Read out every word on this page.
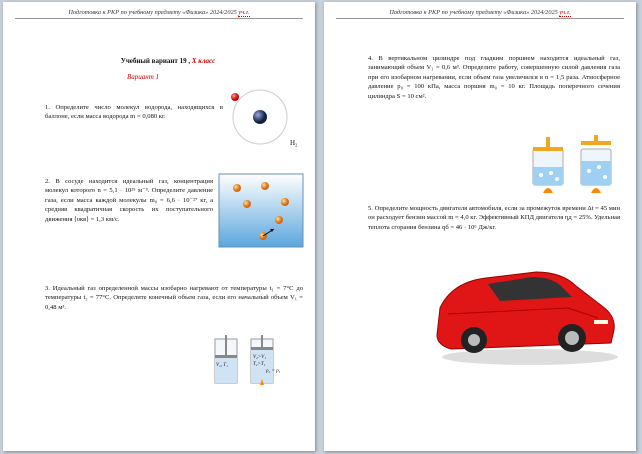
Подготовка к РКР по учебному предмету «Физика» 2024/2025 уч.г.
Учебный вариант 19 , X класс
Вариант 1
1. Определите число молекул водорода, находящихся в баллоне, если масса водорода m = 0,080 кг.
H₂
2. В сосуде находится идеальный газ, концентрация молекул которого n = 5,1 · 10²⁵ м⁻³. Определите давление газа, если масса каждой молекулы m₀ = 6,6 · 10⁻²⁷ кг, а средняя квадратичная скорость их поступательного движения ⟨υкв⟩ = 1,3 км/с.
3. Идеальный газ определенной массы изобарно нагревают от температуры t₁ = 7°С до температуры t₂ = 77°С. Определите конечный объем газа, если его начальный объем V₁ = 0,48 м³.
V₁, T₁
V₂>V₁
T₂>T₁
p₂ = p₁
Подготовка к РКР по учебному предмету «Физика» 2024/2025 уч.г.
4. В вертикальном цилиндре под гладким поршнем находится идеальный газ, занимающий объем V₁ = 0,6 м³. Определите работу, совершенную силой давления газа при его изобарном нагревании, если объем газа увеличился в n = 1,5 раза. Атмосферное давление p₀ = 100 кПа, масса поршня m₀ = 10 кг. Площадь поперечного сечения цилиндра S = 10 см².
5. Определите мощность двигателя автомобиля, если за промежуток времени Δt = 45 мин он расходует бензин массой m = 4,0 кг. Эффективный КПД двигателя ηд = 25%. Удельная теплота сгорания бензина qб = 46 · 10⁶ Дж/кг.
